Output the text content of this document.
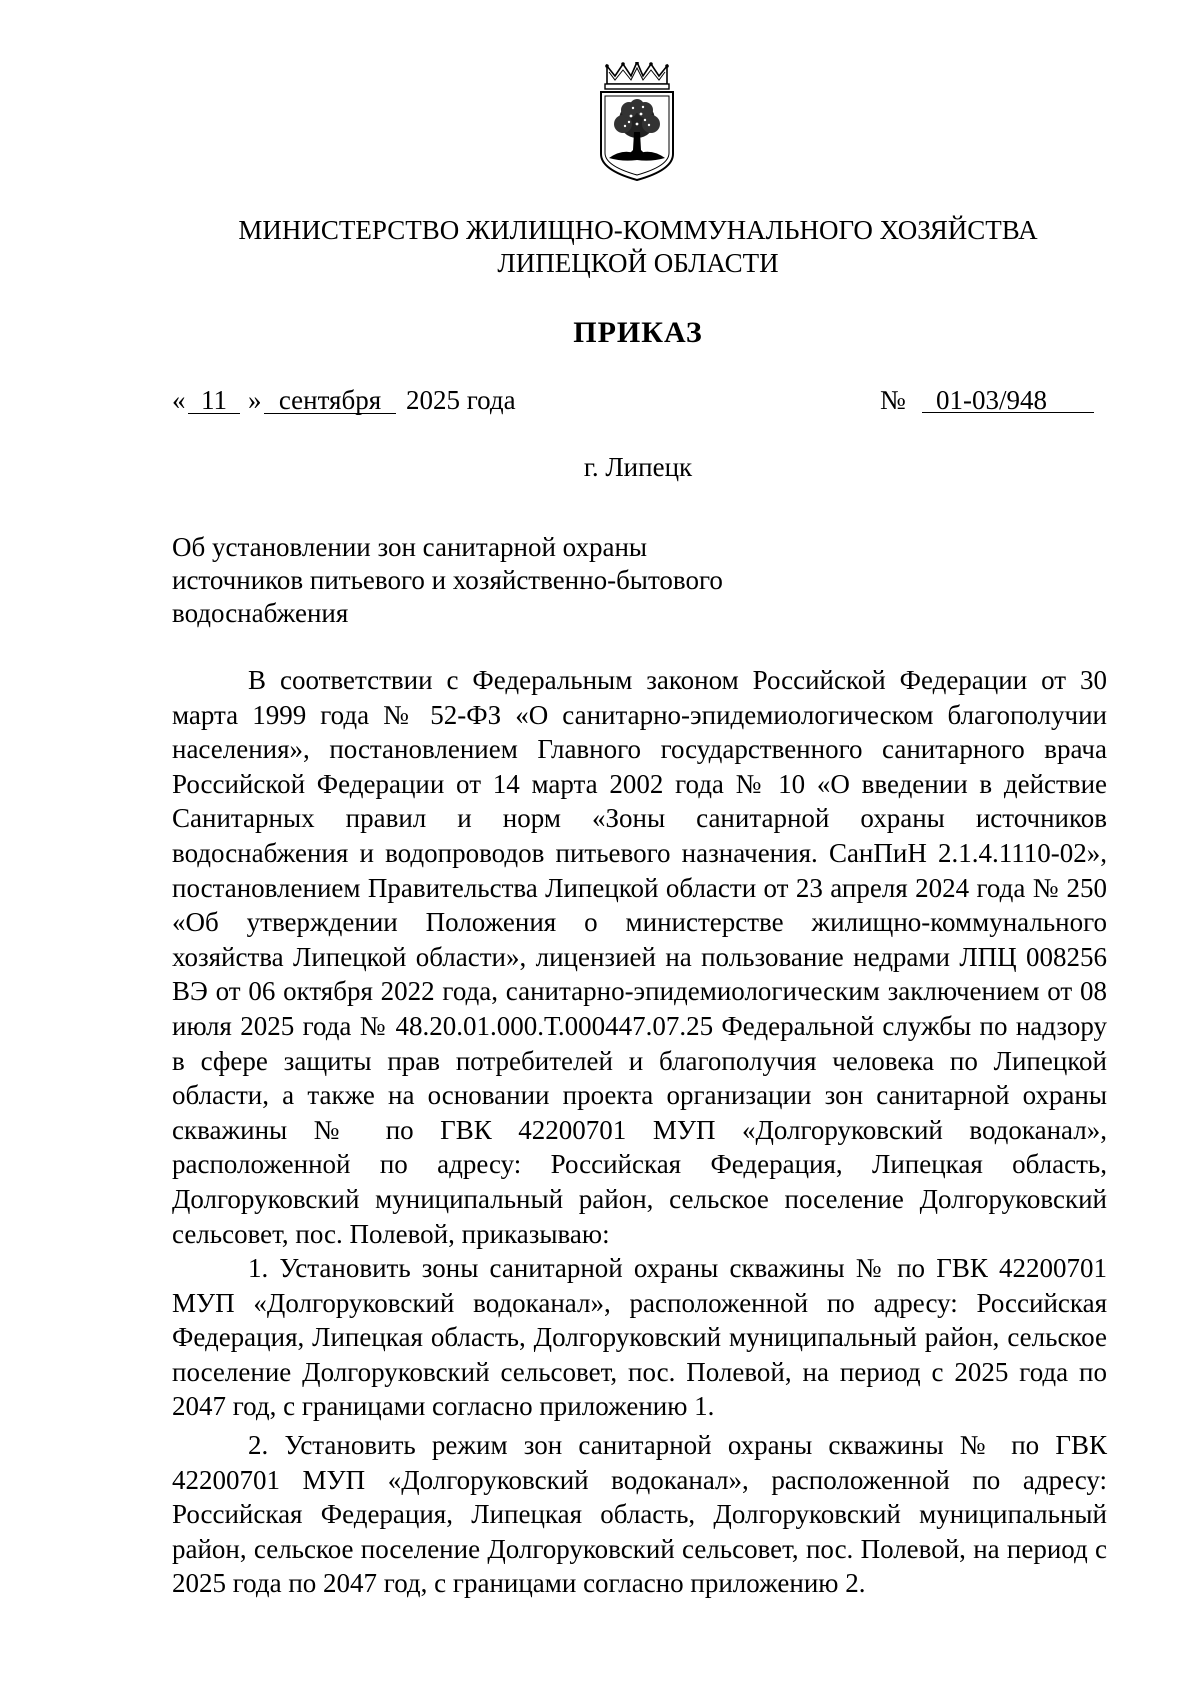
МИНИСТЕРСТВО ЖИЛИЩНО-КОММУНАЛЬНОГО ХОЗЯЙСТВА
ЛИПЕЦКОЙ ОБЛАСТИ
ПРИКАЗ
« 11 » сентября 2025 года	№	01-03/948
г. Липецк
Об установлении зон санитарной охраны
источников питьевого и хозяйственно-бытового
водоснабжения

В соответствии с Федеральным законом Российской Федерации от 30 марта 1999 года № 52-ФЗ «О санитарно-эпидемиологическом благополучии населения», постановлением Главного государственного санитарного врача Российской Федерации от 14 марта 2002 года № 10 «О введении в действие Санитарных правил и норм «Зоны санитарной охраны источников водоснабжения и водопроводов питьевого назначения. СанПиН 2.1.4.1110-02», постановлением Правительства Липецкой области от 23 апреля 2024 года № 250 «Об утверждении Положения о министерстве жилищно-коммунального хозяйства Липецкой области», лицензией на пользование недрами ЛПЦ 008256 ВЭ от 06 октября 2022 года, санитарно-эпидемиологическим заключением от 08 июля 2025 года № 48.20.01.000.Т.000447.07.25 Федеральной службы по надзору в сфере защиты прав потребителей и благополучия человека по Липецкой области, а также на основании проекта организации зон санитарной охраны скважины № по ГВК 42200701 МУП «Долгоруковский водоканал», расположенной по адресу: Российская Федерация, Липецкая область, Долгоруковский муниципальный район, сельское поселение Долгоруковский сельсовет, пос. Полевой, приказываю:

1. Установить зоны санитарной охраны скважины № по ГВК 42200701 МУП «Долгоруковский водоканал», расположенной по адресу: Российская Федерация, Липецкая область, Долгоруковский муниципальный район, сельское поселение Долгоруковский сельсовет, пос. Полевой, на период с 2025 года по 2047 год, с границами согласно приложению 1.

2. Установить режим зон санитарной охраны скважины № по ГВК 42200701 МУП «Долгоруковский водоканал», расположенной по адресу: Российская Федерация, Липецкая область, Долгоруковский муниципальный район, сельское поселение Долгоруковский сельсовет, пос. Полевой, на период с 2025 года по 2047 год, с границами согласно приложению 2.
